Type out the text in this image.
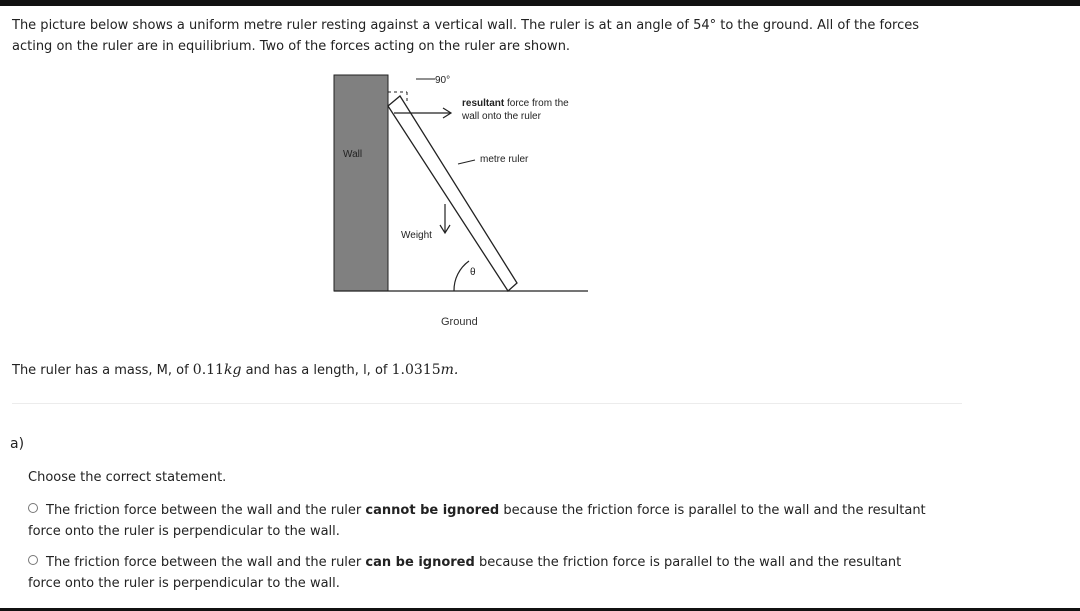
The picture below shows a uniform metre ruler resting against a vertical wall. The ruler is at an angle of 54° to the ground. All of the forces
acting on the ruler are in equilibrium. Two of the forces acting on the ruler are shown.
Wall
Ground
90°
resultant force from the
wall onto the ruler
metre ruler
Weight
θ
The ruler has a mass, M, of 0.11kg and has a length, l, of 1.0315m.
a)
Choose the correct statement.
The friction force between the wall and the ruler cannot be ignored because the friction force is parallel to the wall and the resultant
force onto the ruler is perpendicular to the wall.
The friction force between the wall and the ruler can be ignored because the friction force is parallel to the wall and the resultant
force onto the ruler is perpendicular to the wall.
